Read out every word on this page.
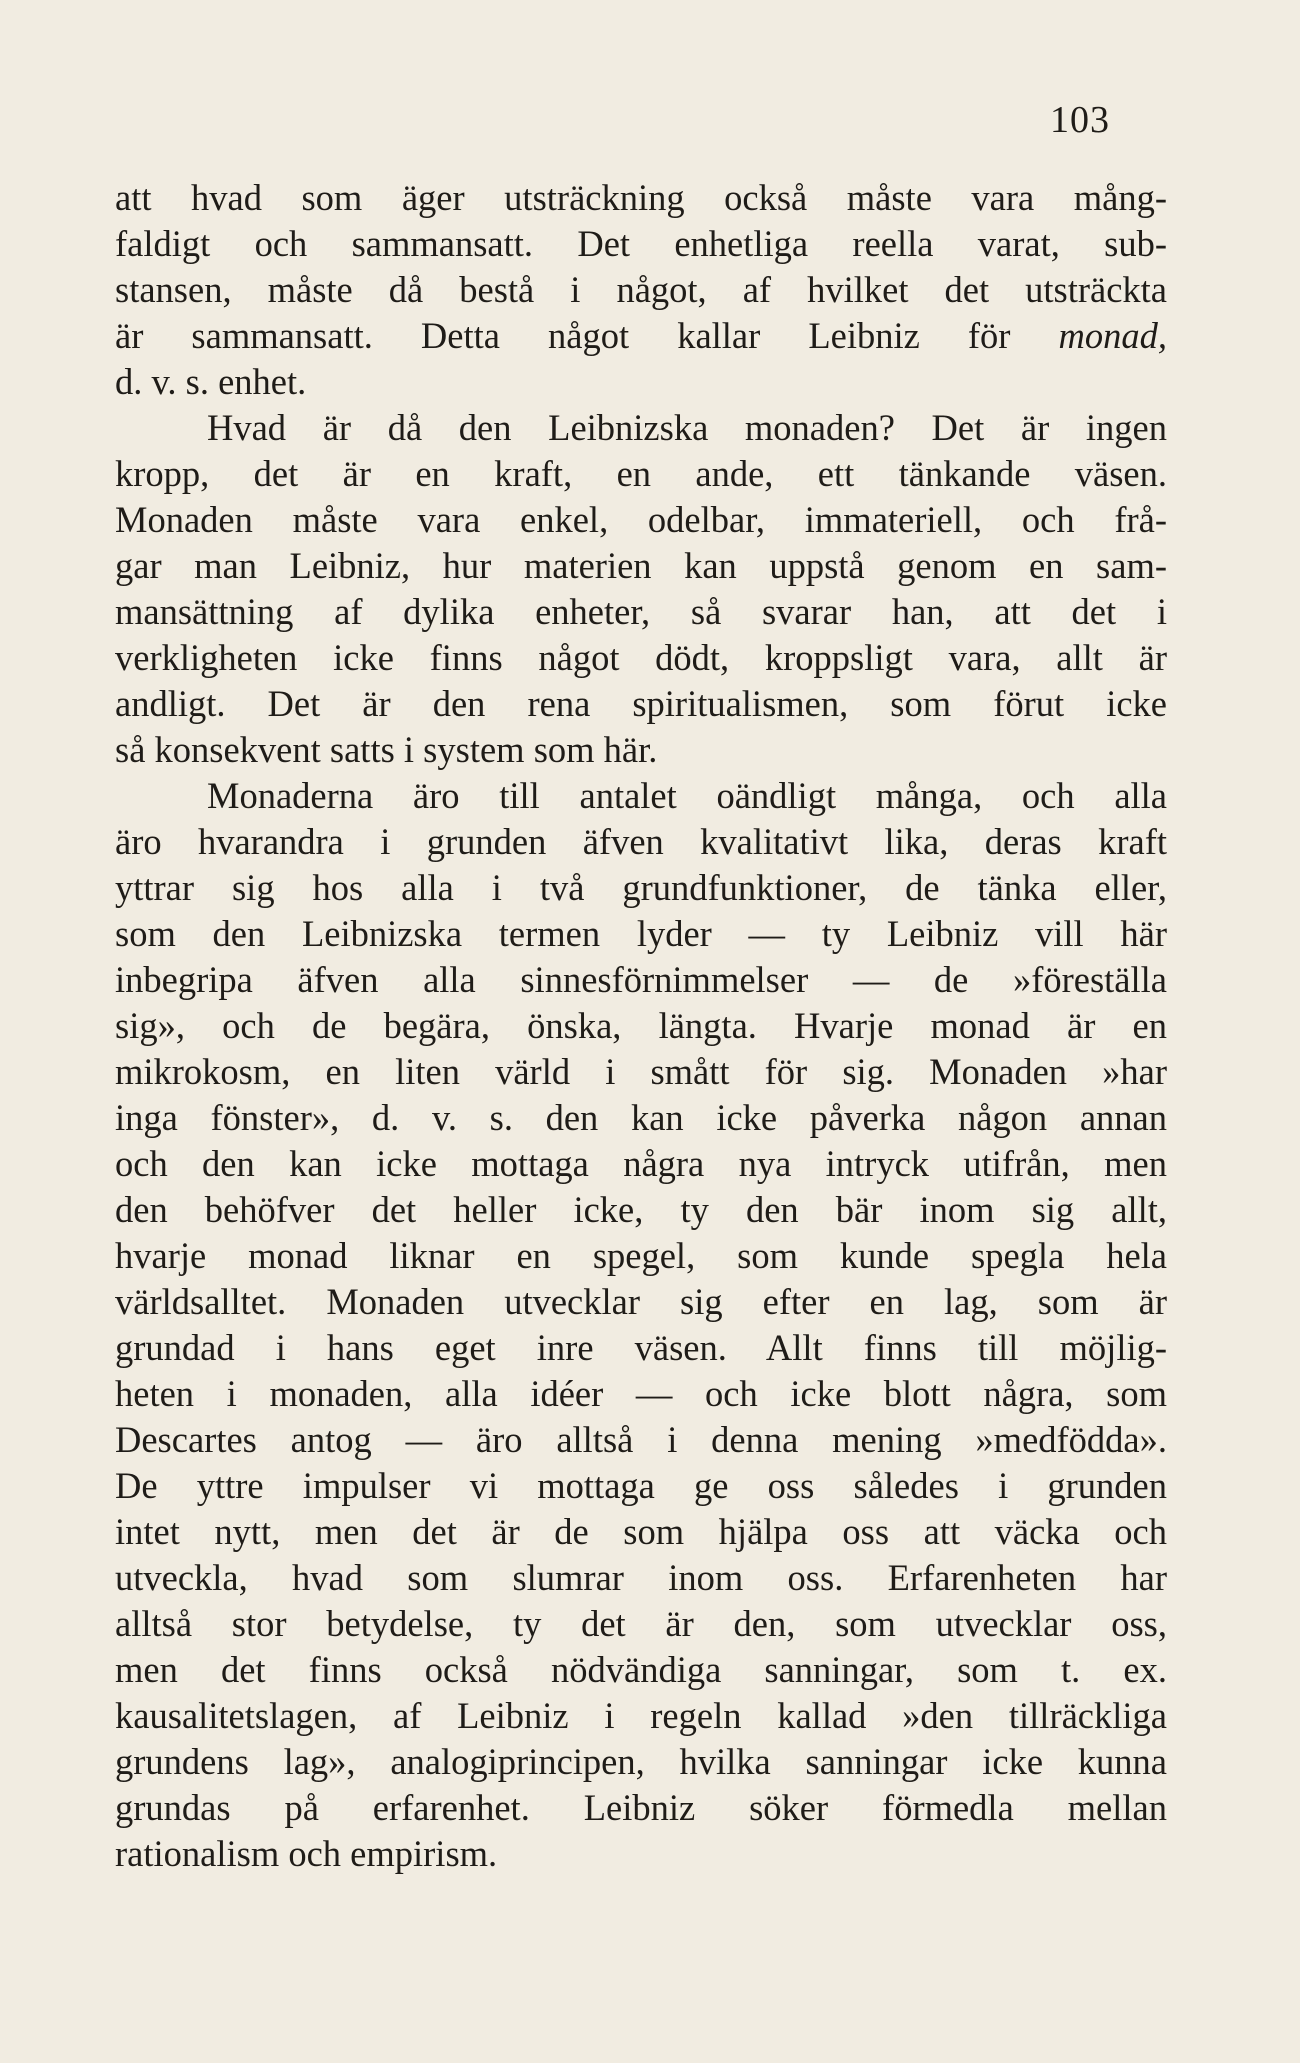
103
att hvad som äger utsträckning också måste vara mång-
faldigt och sammansatt. Det enhetliga reella varat, sub-
stansen, måste då bestå i något, af hvilket det utsträckta
är sammansatt. Detta något kallar Leibniz för monad,
d. v. s. enhet.
Hvad är då den Leibnizska monaden? Det är ingen
kropp, det är en kraft, en ande, ett tänkande väsen.
Monaden måste vara enkel, odelbar, immateriell, och frå-
gar man Leibniz, hur materien kan uppstå genom en sam-
mansättning af dylika enheter, så svarar han, att det i
verkligheten icke finns något dödt, kroppsligt vara, allt är
andligt. Det är den rena spiritualismen, som förut icke
så konsekvent satts i system som här.
Monaderna äro till antalet oändligt många, och alla
äro hvarandra i grunden äfven kvalitativt lika, deras kraft
yttrar sig hos alla i två grundfunktioner, de tänka eller,
som den Leibnizska termen lyder — ty Leibniz vill här
inbegripa äfven alla sinnesförnimmelser — de »föreställa
sig», och de begära, önska, längta. Hvarje monad är en
mikrokosm, en liten värld i smått för sig. Monaden »har
inga fönster», d. v. s. den kan icke påverka någon annan
och den kan icke mottaga några nya intryck utifrån, men
den behöfver det heller icke, ty den bär inom sig allt,
hvarje monad liknar en spegel, som kunde spegla hela
världsalltet. Monaden utvecklar sig efter en lag, som är
grundad i hans eget inre väsen. Allt finns till möjlig-
heten i monaden, alla idéer — och icke blott några, som
Descartes antog — äro alltså i denna mening »medfödda».
De yttre impulser vi mottaga ge oss således i grunden
intet nytt, men det är de som hjälpa oss att väcka och
utveckla, hvad som slumrar inom oss. Erfarenheten har
alltså stor betydelse, ty det är den, som utvecklar oss,
men det finns också nödvändiga sanningar, som t. ex.
kausalitetslagen, af Leibniz i regeln kallad »den tillräckliga
grundens lag», analogiprincipen, hvilka sanningar icke kunna
grundas på erfarenhet. Leibniz söker förmedla mellan
rationalism och empirism.
